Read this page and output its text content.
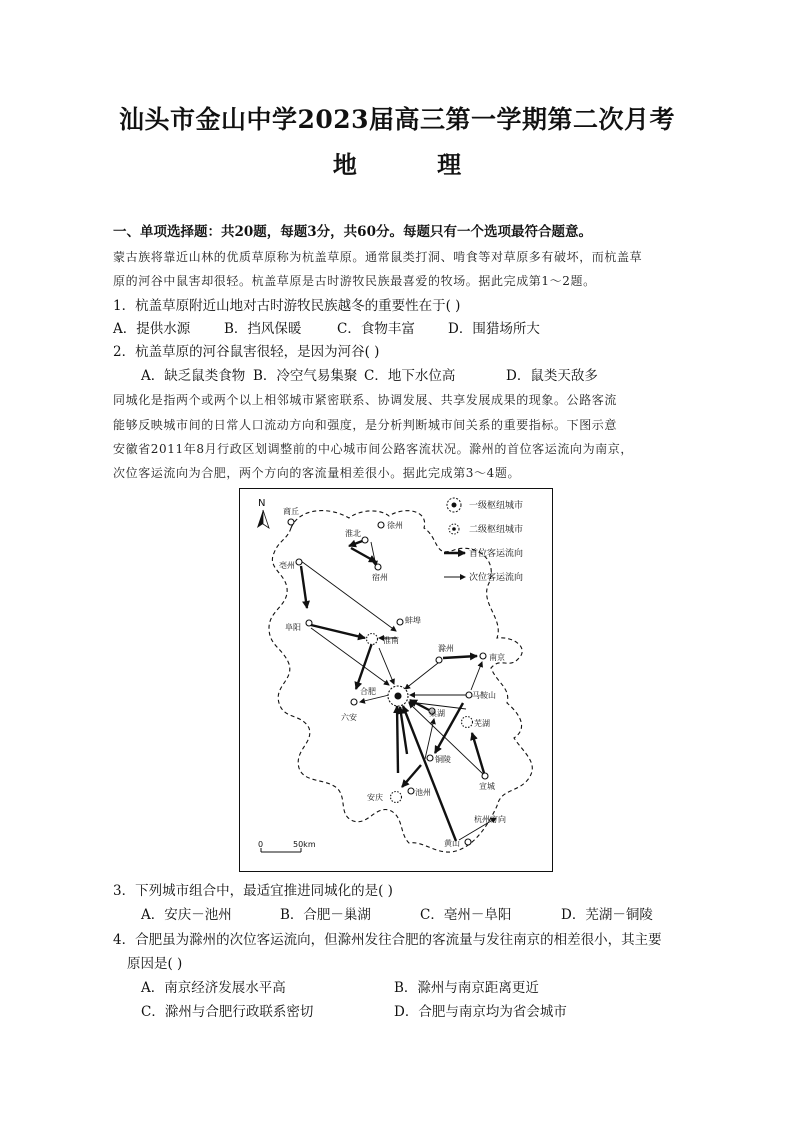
汕头市金山中学2023届高三第一学期第二次月考
地 理
一、单项选择题：共20题，每题3分，共60分。每题只有一个选项最符合题意。
蒙古族将靠近山林的优质草原称为杭盖草原。通常鼠类打洞、啃食等对草原多有破坏，而杭盖草
原的河谷中鼠害却很轻。杭盖草原是古时游牧民族最喜爱的牧场。据此完成第1～2题。
1．杭盖草原附近山地对古时游牧民族越冬的重要性在于( )
A．提供水源	B．挡风保暖	C．食物丰富 D．围猎场所大
2．杭盖草原的河谷鼠害很轻，是因为河谷( )
A．缺乏鼠类食物 B．冷空气易集聚 C．地下水位高	D．鼠类天敌多
同城化是指两个或两个以上相邻城市紧密联系、协调发展、共享发展成果的现象。公路客流
能够反映城市间的日常人口流动方向和强度，是分析判断城市间关系的重要指标。下图示意
安徽省2011年8月行政区划调整前的中心城市间公路客流状况。滁州的首位客运流向为南京，
次位客运流向为合肥，两个方向的客流量相差很小。据此完成第3～4题。
N	一级枢纽城市
二级枢纽城市
首位客运流向
次位客运流向
商丘
淮北
徐州
宿州
亳州
蚌埠
阜阳
淮南
滁州
南京
合肥
六安	巢湖
马鞍山
芜湖
铜陵
宣城
安庆
池州
黄山
杭州方向
0	50km
3．下列城市组合中，最适宜推进同城化的是( )
A．安庆－池州	B．合肥－巢湖	C．亳州－阜阳	D．芜湖－铜陵
4．合肥虽为滁州的次位客运流向，但滁州发往合肥的客流量与发往南京的相差很小，其主要
原因是( )
A．南京经济发展水平高	B．滁州与南京距离更近
C．滁州与合肥行政联系密切	D．合肥与南京均为省会城市
